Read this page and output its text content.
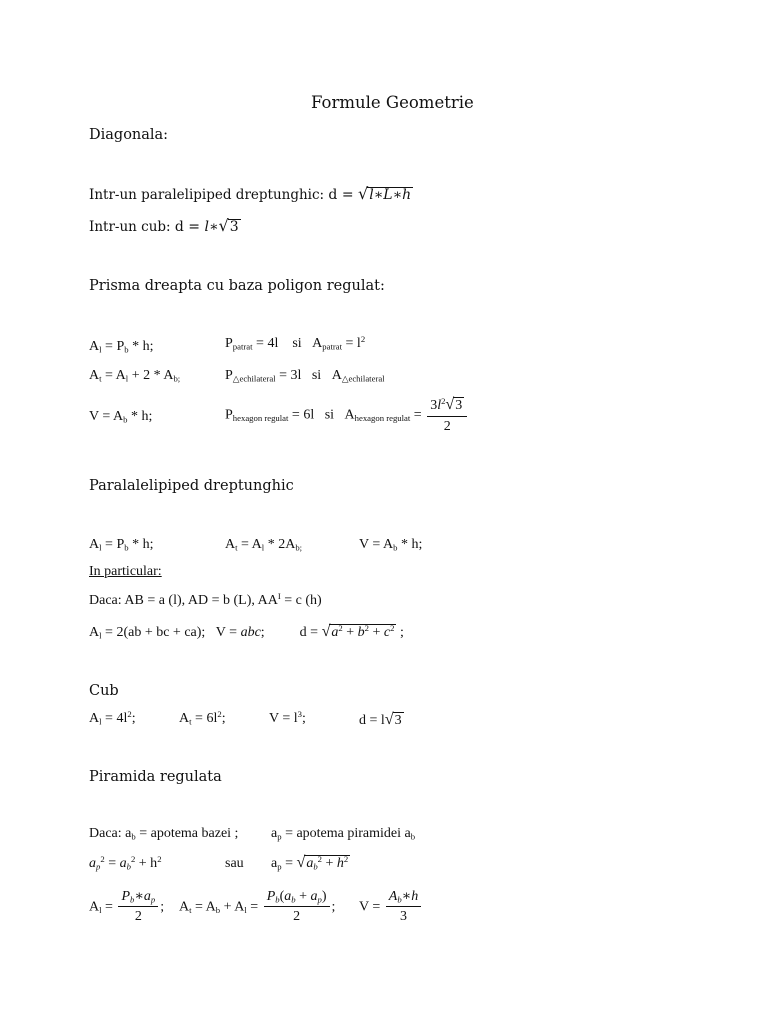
Formule Geometrie
Diagonala:
Intr-un paralelipiped dreptunghic: d = √l∗L∗h
Intr-un cub: d = l∗√3
Prisma dreapta cu baza poligon regulat:
$A_l = P_b * h$;	$P_{patrat} = 4l$    si   $A_{patrat} = l^2$
$A_t = A_l + 2 * A_{b;}$	$P_{\triangle echilateral} = 3l$   si   $A_{\triangle echilateral}$
$V = A_b * h$;	$P_{hexagon regulat} = 6l$   si   $A_{hexagon regulat} = \frac{3l^2√3}{2}$
Paralalelipiped dreptunghic
$A_l = P_b * h$;	$A_t = A_l * 2A_{b;}$	$V = A_b * h$;
In particular:
Daca: AB = a (l), AD = b (L), $AA^I = c$ (h)
$A_l = 2(ab$ + bc + ca);   V = abc;          $d = √a^2 + b^2 + c^2$ ;
Cub
$A_l = 4l^2$;	$A_t = 6l^2$;	$V = l^3$;	d = l√3
Piramida regulata
Daca: $a_b$ = apotema bazei ; $a_p$ = apotema piramidei $a_b$
$a_p^2 = a_b^2 + h^2$	sau $a_p = √a_b^2 + h^2$
$A_l = \frac{P_b∗a_p}{2}$ ; $A_t = A_b + A_l = \frac{P_b(a_b + a_p)}{2}$ ; $V = \frac{A_b∗h}{3}$
